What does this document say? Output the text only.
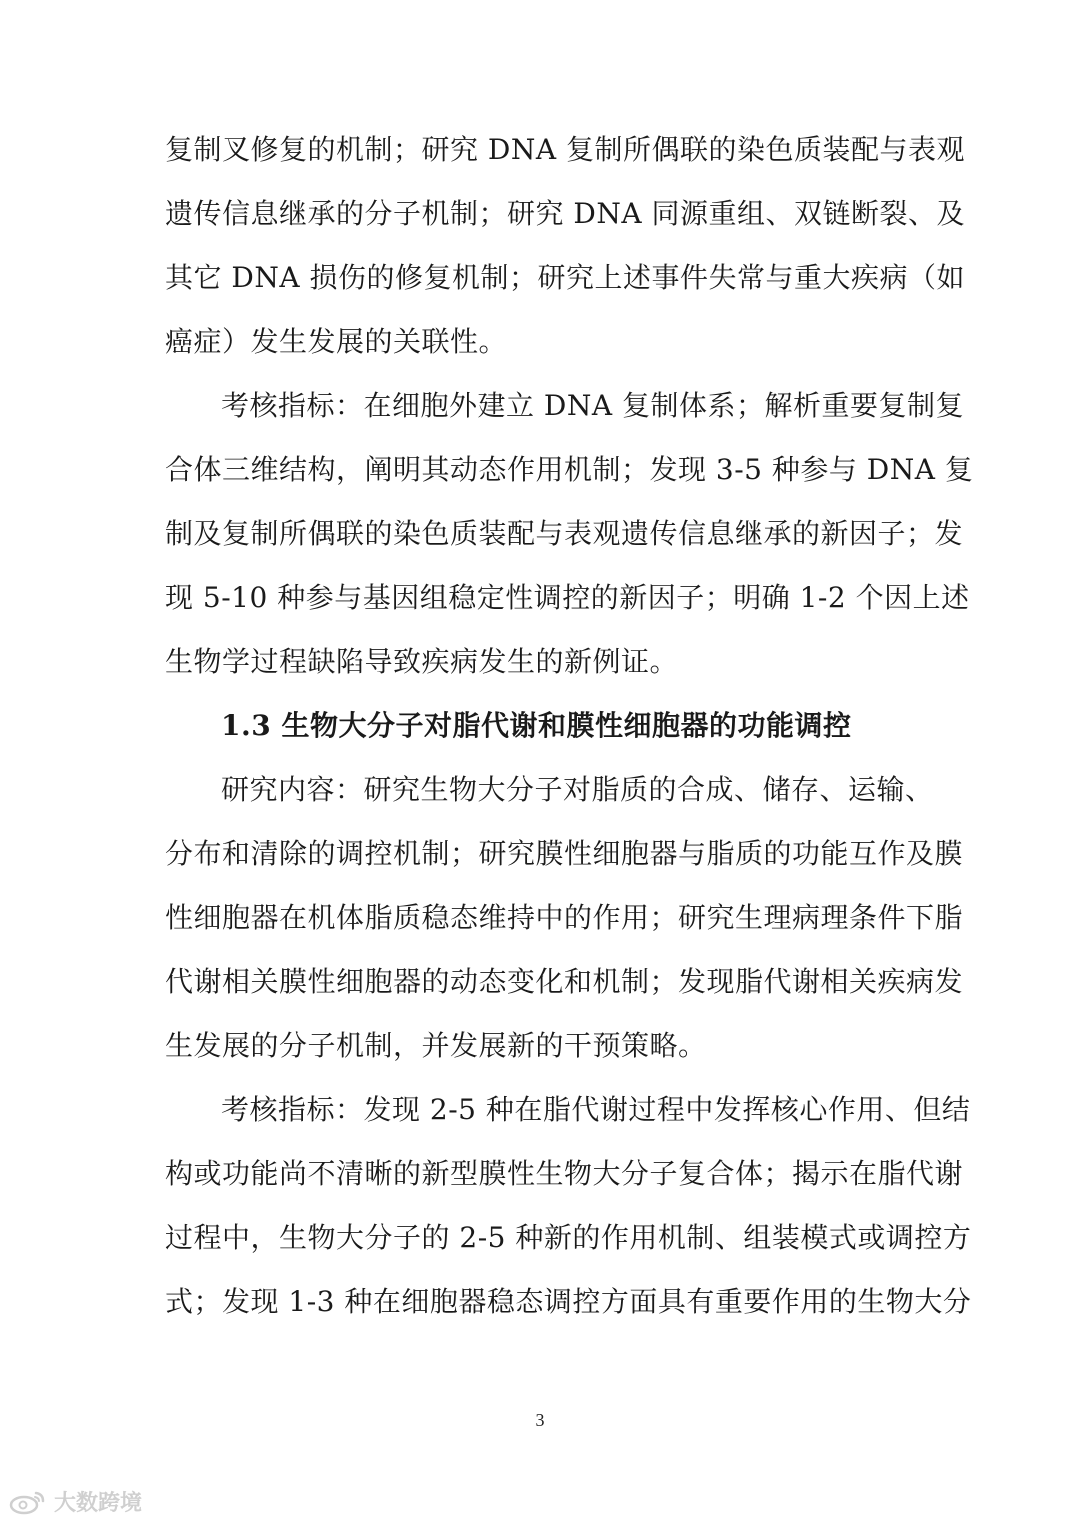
复制叉修复的机制；研究 DNA 复制所偶联的染色质装配与表观
遗传信息继承的分子机制；研究 DNA 同源重组、双链断裂、及
其它 DNA 损伤的修复机制；研究上述事件失常与重大疾病（如
癌症）发生发展的关联性。
考核指标：在细胞外建立 DNA 复制体系；解析重要复制复
合体三维结构，阐明其动态作用机制；发现 3-5 种参与 DNA 复
制及复制所偶联的染色质装配与表观遗传信息继承的新因子；发
现 5-10 种参与基因组稳定性调控的新因子；明确 1-2 个因上述
生物学过程缺陷导致疾病发生的新例证。
1.3 生物大分子对脂代谢和膜性细胞器的功能调控
研究内容：研究生物大分子对脂质的合成、储存、运输、
分布和清除的调控机制；研究膜性细胞器与脂质的功能互作及膜
性细胞器在机体脂质稳态维持中的作用；研究生理病理条件下脂
代谢相关膜性细胞器的动态变化和机制；发现脂代谢相关疾病发
生发展的分子机制，并发展新的干预策略。
考核指标：发现 2-5 种在脂代谢过程中发挥核心作用、但结
构或功能尚不清晰的新型膜性生物大分子复合体；揭示在脂代谢
过程中，生物大分子的 2-5 种新的作用机制、组装模式或调控方
式；发现 1-3 种在细胞器稳态调控方面具有重要作用的生物大分
3
大数跨境
